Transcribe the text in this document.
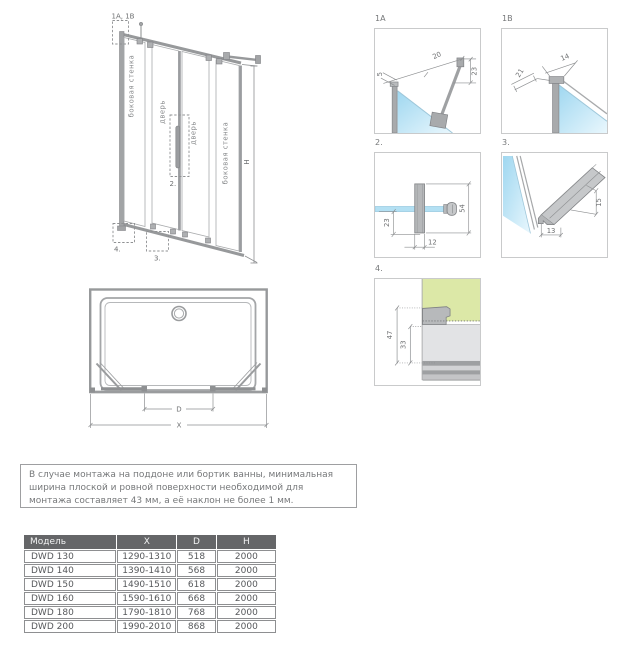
H
1A, 1B
2.
3.
4.
боковая стенка	дверь
дверь	боковая стенка
D
X
1A	1B
2.	3.
4.
20
23
5
14
21
54
23
12
13
15
47
33
В случае монтажа на поддоне или бортик ванны, минимальная ширина плоской и ровной поверхности необходимой для монтажа составляет 43 мм, а её наклон не более 1 мм.
Модель	X	D	H
DWD 130	1290-1310	518	2000
DWD 140	1390-1410	568	2000
DWD 150	1490-1510	618	2000
DWD 160	1590-1610	668	2000
DWD 180	1790-1810	768	2000
DWD 200	1990-2010	868	2000
